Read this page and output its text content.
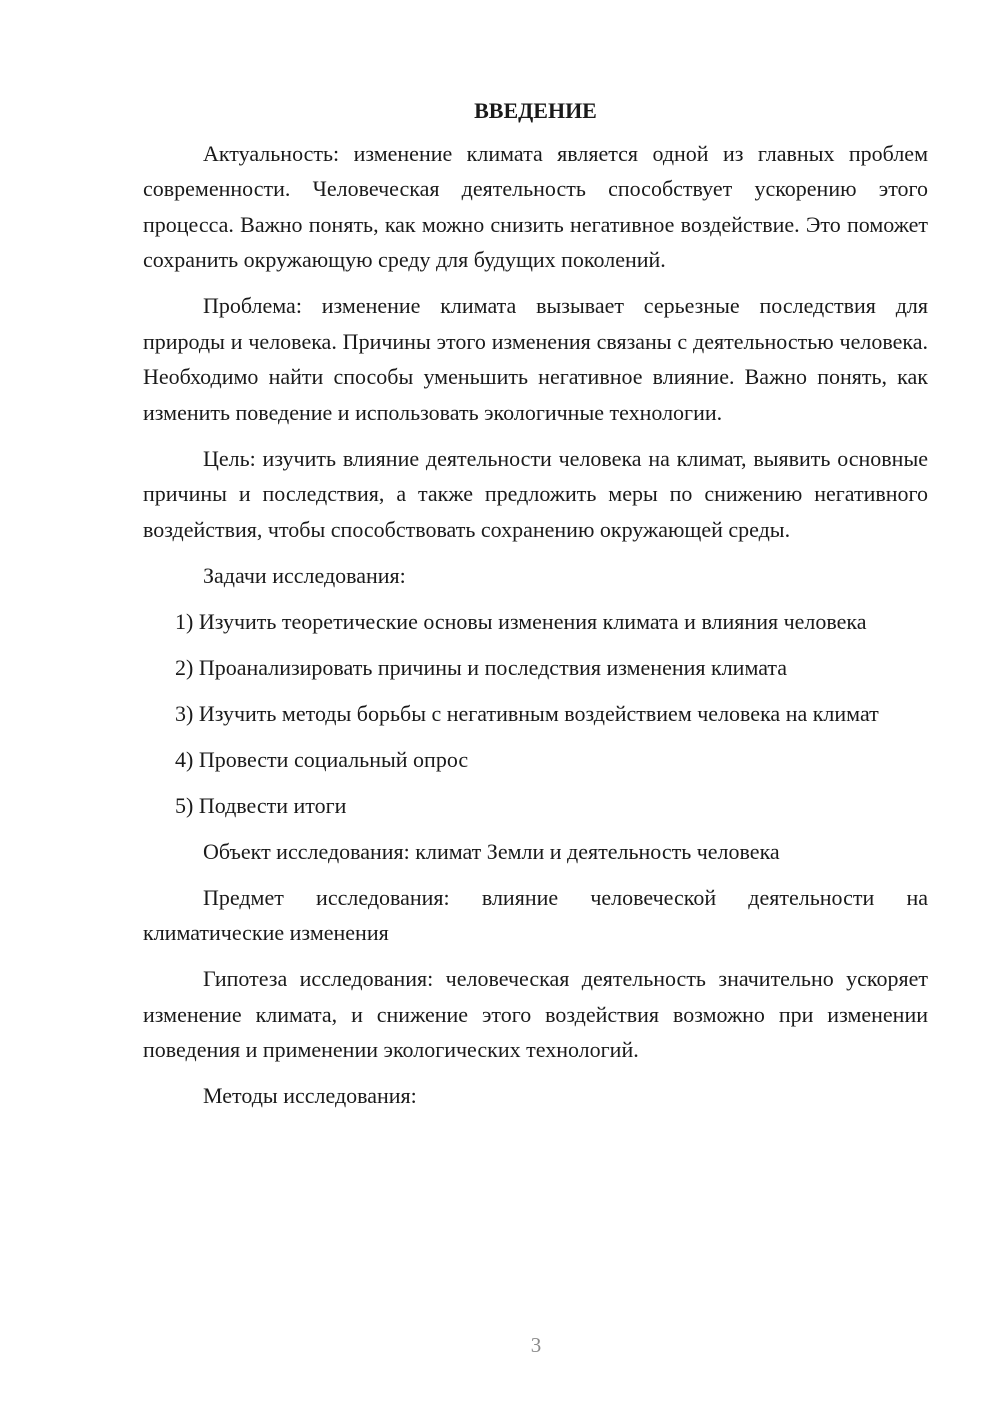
ВВЕДЕНИЕ

Актуальность: изменение климата является одной из главных проблем современности. Человеческая деятельность способствует ускорению этого процесса. Важно понять, как можно снизить негативное воздействие. Это поможет сохранить окружающую среду для будущих поколений.

Проблема: изменение климата вызывает серьезные последствия для природы и человека. Причины этого изменения связаны с деятельностью человека. Необходимо найти способы уменьшить негативное влияние. Важно понять, как изменить поведение и использовать экологичные технологии.

Цель: изучить влияние деятельности человека на климат, выявить основные причины и последствия, а также предложить меры по снижению негативного воздействия, чтобы способствовать сохранению окружающей среды.

Задачи исследования:

1) Изучить теоретические основы изменения климата и влияния человека

2) Проанализировать причины и последствия изменения климата

3) Изучить методы борьбы с негативным воздействием человека на климат

4) Провести социальный опрос

5) Подвести итоги

Объект исследования: климат Земли и деятельность человека

Предмет исследования: влияние человеческой деятельности на климатические изменения

Гипотеза исследования: человеческая деятельность значительно ускоряет изменение климата, и снижение этого воздействия возможно при изменении поведения и применении экологических технологий.

Методы исследования:

3
